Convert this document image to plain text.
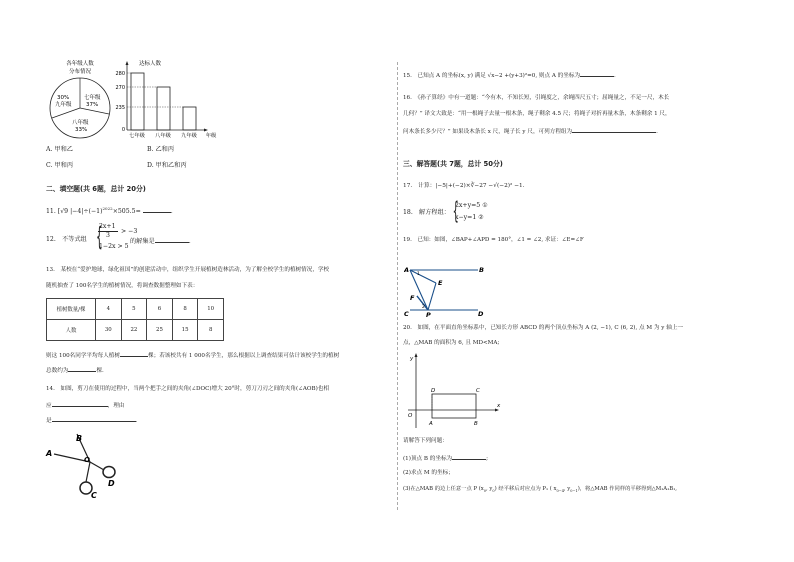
各年级人数
分布情况
30%
九年级
七年级
37%
八年级
33%
达标人数
280
270
235
0
七年级 八年级 九年级 年级
A. 甲和乙	B. 乙和丙
C. 甲和丙	D. 甲和乙和丙
二、填空题(共 6题，总计 20分)
11. [√9 $|-4|\div(-1)^{2022}\times 505.5=$	.
12. 不等式组 {
2x+1
3
> −3
1−2x > 5
的解集是	.
13.　某校在“爱护地球，绿化祖国”的创建活动中，组织学生开展植树造林活动，为了解全校学生的植树情况，学校
随机抽查了 100名学生的植树情况，将调查数据整理如下表：
植树数量/棵	4	5	6	8	10
人数	30	22	25	15	8
则这 100名同学平均每人植树	棵；若该校共有 1 000名学生，那么根据以上调查结果可估计该校学生的植树
总数约为	棵.
14.　如图，剪刀在使用的过程中，当两个把手之间的夹角(∠DOC)增大 20°时，剪刀刀刃之间的夹角(∠AOB)也相
应	，理由
是	.
A
B
O
C
D
15.　已知点 A 的坐标(x, y) 满足 √x−2 +(y+3)²=0, 则点 A 的坐标为	.
16.　《孙子算经》中有一道题：“今有木，不知长短，引绳度之，余绳四尺五寸；屈绳量之，不足一尺，木长
几何？” 译文大致是：“用一根绳子去量一根木条，绳子剩余 4.5 尺；将绳子对折再量木条，木条剩余 1 尺，
问木条长多少尺？” 如果设木条长 x 尺，绳子长 y 尺，可列方程组为	.
三、解答题(共 7题，总计 50分)
17.　计算：|−5|+(−2)×∛−27 −√(−2)² −1.
18.　解方程组： {
2x+y=5 ①
x−y=1 ②
19.　已知：如图，∠BAP+∠APD = 180°，∠1 = ∠2, 求证：∠E=∠F
A	B
E
F
C	P	D
1
2
20.　如图，在平面直角坐标系中，已知长方形 ABCD 的两个顶点坐标为 A (2, −1), C (6, 2), 点 M 为 y 轴上一
点，△MAB 的面积为 6, 且 MD<MA;
y
x
O
D	C
A	B
请解答下列问题：
(1)顶点 B 的坐标为	;
(2)求点 M 的坐标；
(3)在△MAB 的边上任意一点 P ($x_0$, $y_0$) 经平移后对应点为 P₁ ( $x_{0-4}$, $y_{0-1}$)，将△MAB 作同样的平移得到△M₁A₁B₁,
